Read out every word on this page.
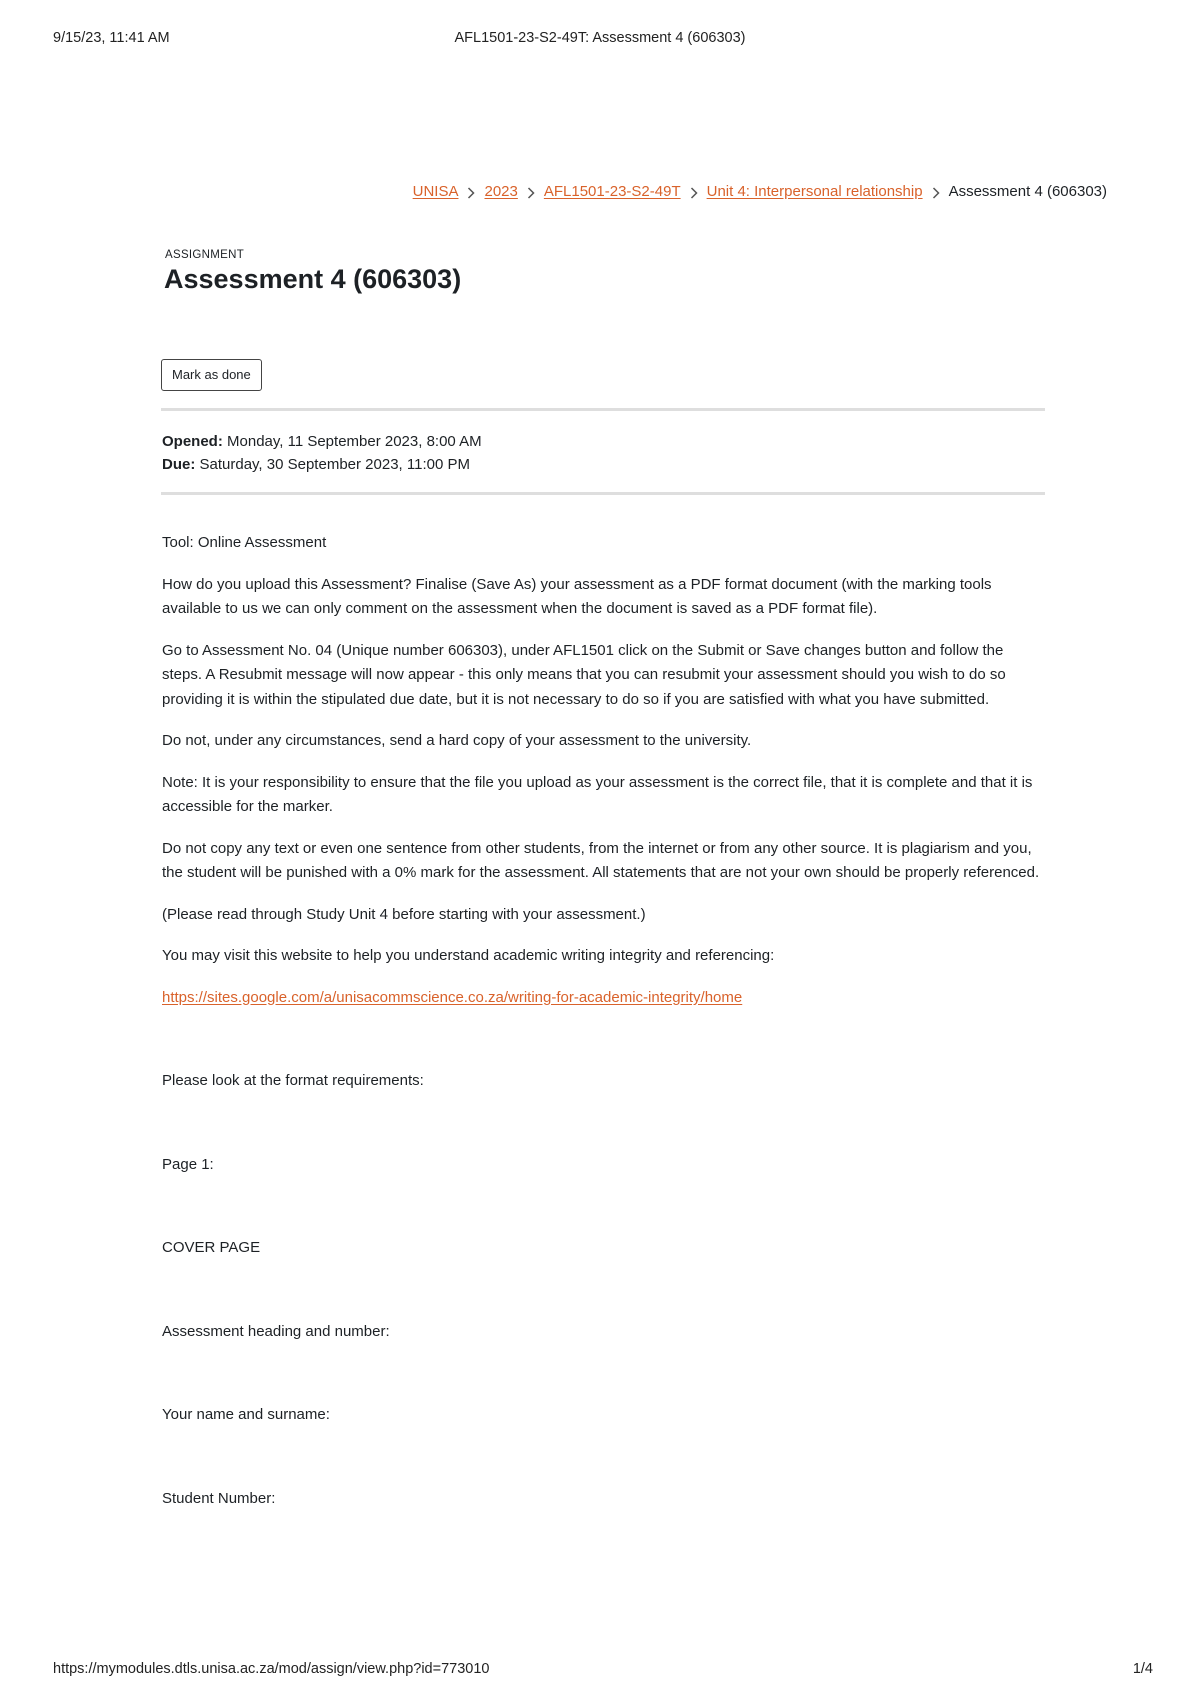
9/15/23, 11:41 AM	AFL1501-23-S2-49T: Assessment 4 (606303)
UNISA 2023 AFL1501-23-S2-49T Unit 4: Interpersonal relationship Assessment 4 (606303)
ASSIGNMENT
Assessment 4 (606303)
Mark as done
Opened: Monday, 11 September 2023, 8:00 AM
Due: Saturday, 30 September 2023, 11:00 PM

Tool: Online Assessment

How do you upload this Assessment? Finalise (Save As) your assessment as a PDF format document (with the marking tools available to us we can only comment on the assessment when the document is saved as a PDF format file).

Go to Assessment No. 04 (Unique number 606303), under AFL1501 click on the Submit or Save changes button and follow the steps. A Resubmit message will now appear - this only means that you can resubmit your assessment should you wish to do so providing it is within the stipulated due date, but it is not necessary to do so if you are satisfied with what you have submitted.

Do not, under any circumstances, send a hard copy of your assessment to the university.

Note: It is your responsibility to ensure that the file you upload as your assessment is the correct file, that it is complete and that it is accessible for the marker.

Do not copy any text or even one sentence from other students, from the internet or from any other source. It is plagiarism and you, the student will be punished with a 0% mark for the assessment. All statements that are not your own should be properly referenced.

(Please read through Study Unit 4 before starting with your assessment.)

You may visit this website to help you understand academic writing integrity and referencing:

https://sites.google.com/a/unisacommscience.co.za/writing-for-academic-integrity/home

Please look at the format requirements:

Page 1:

COVER PAGE

Assessment heading and number:

Your name and surname:

Student Number:

https://mymodules.dtls.unisa.ac.za/mod/assign/view.php?id=773010	1/4
